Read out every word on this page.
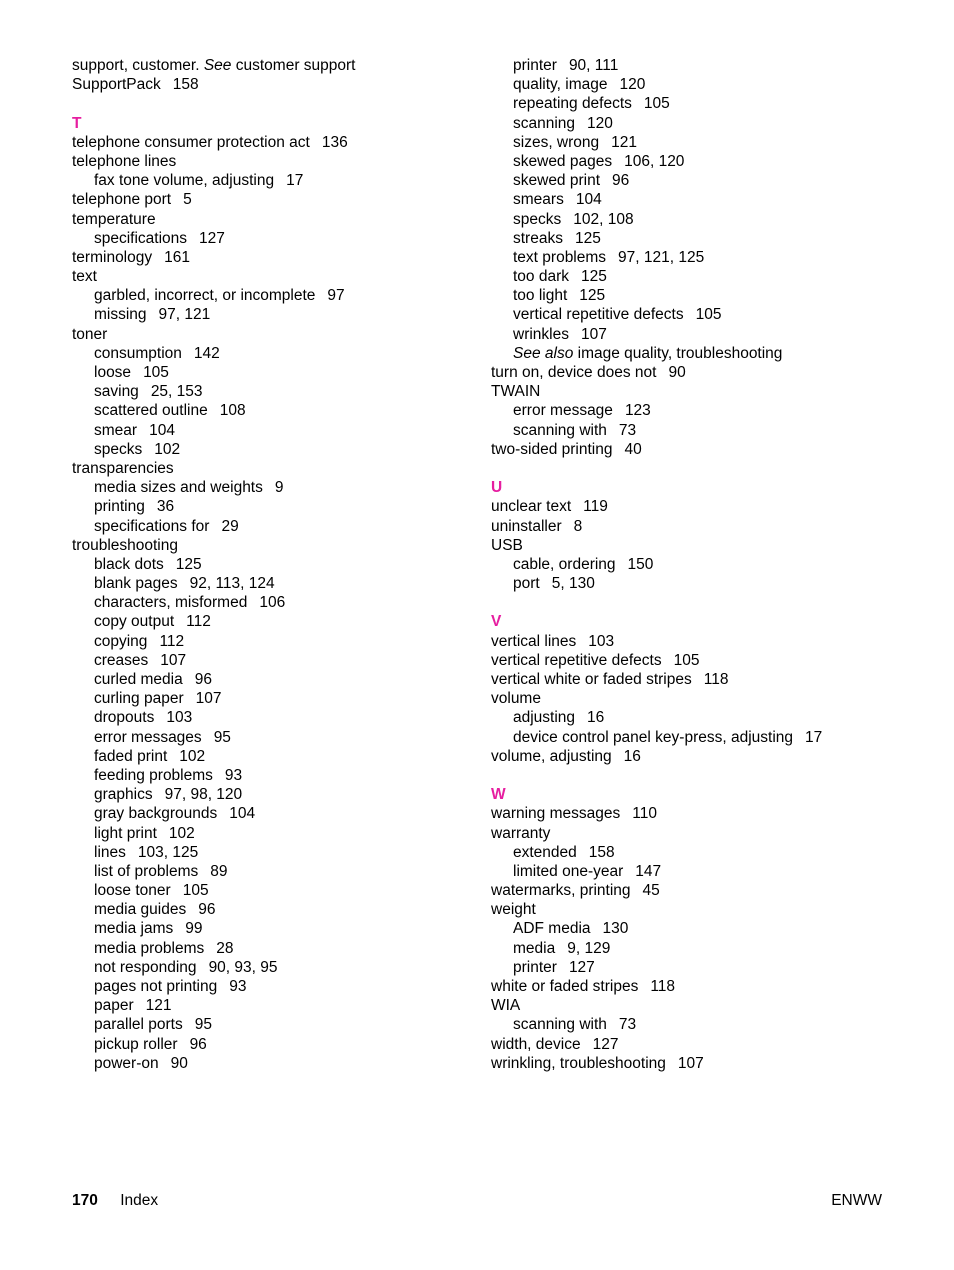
support, customer. See customer support
SupportPack 158
T
telephone consumer protection act 136
telephone lines
fax tone volume, adjusting 17
telephone port 5
temperature
specifications 127
terminology 161
text
garbled, incorrect, or incomplete 97
missing 97, 121
toner
consumption 142
loose 105
saving 25, 153
scattered outline 108
smear 104
specks 102
transparencies
media sizes and weights 9
printing 36
specifications for 29
troubleshooting
black dots 125
blank pages 92, 113, 124
characters, misformed 106
copy output 112
copying 112
creases 107
curled media 96
curling paper 107
dropouts 103
error messages 95
faded print 102
feeding problems 93
graphics 97, 98, 120
gray backgrounds 104
light print 102
lines 103, 125
list of problems 89
loose toner 105
media guides 96
media jams 99
media problems 28
not responding 90, 93, 95
pages not printing 93
paper 121
parallel ports 95
pickup roller 96
power-on 90
printer 90, 111
quality, image 120
repeating defects 105
scanning 120
sizes, wrong 121
skewed pages 106, 120
skewed print 96
smears 104
specks 102, 108
streaks 125
text problems 97, 121, 125
too dark 125
too light 125
vertical repetitive defects 105
wrinkles 107
See also image quality, troubleshooting
turn on, device does not 90
TWAIN
error message 123
scanning with 73
two-sided printing 40
U
unclear text 119
uninstaller 8
USB
cable, ordering 150
port 5, 130
V
vertical lines 103
vertical repetitive defects 105
vertical white or faded stripes 118
volume
adjusting 16
device control panel key-press, adjusting 17
volume, adjusting 16
W
warning messages 110
warranty
extended 158
limited one-year 147
watermarks, printing 45
weight
ADF media 130
media 9, 129
printer 127
white or faded stripes 118
WIA
scanning with 73
width, device 127
wrinkling, troubleshooting 107
170 Index	ENWW
